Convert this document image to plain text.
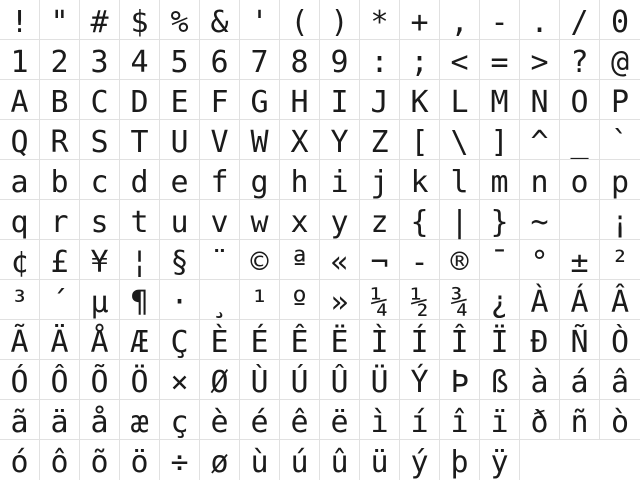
! " # $ % & ' ( ) * + , - . / 0
1 2 3 4 5 6 7 8 9 : ; < = > ? @
A B C D E F G H I J K L M N O P
Q R S T U V W X Y Z [ \ ] ^ _ `
a b c d e f g h i j k l m n o p
q r s t u v w x y z { | } ~
	¡
¢ £ ¥ ¦ § ¨ © ª « ¬ - ® ¯ ° ± ²
³ ´ µ ¶ · ¸ ¹ º » ¼ ½ ¾ ¿ À Á Â
Ã Ä Å Æ Ç È É Ê Ë Ì Í Î Ï Ð Ñ Ò
Ó Ô Õ Ö × Ø Ù Ú Û Ü Ý Þ ß à á â
ã ä å æ ç è é ê ë ì í î ï ð ñ ò
ó ô õ ö ÷ ø ù ú û ü ý þ ÿ
